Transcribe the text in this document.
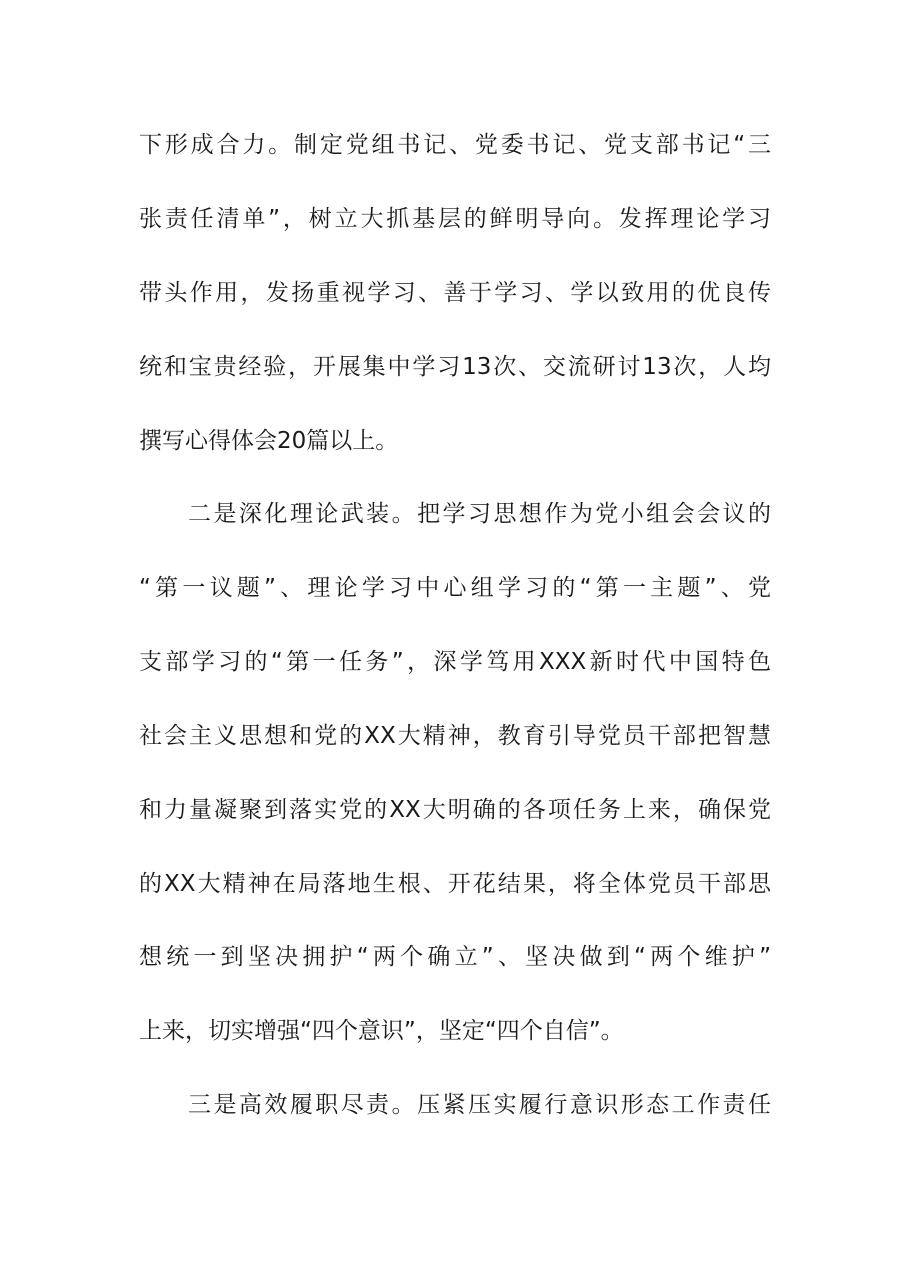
下形成合力。制定党组书记、党委书记、党支部书记“三
张责任清单”，树立大抓基层的鲜明导向。发挥理论学习
带头作用，发扬重视学习、善于学习、学以致用的优良传
统和宝贵经验，开展集中学习13次、交流研讨13次，人均
撰写心得体会20篇以上。
二是深化理论武装。把学习思想作为党小组会会议的
“第一议题”、理论学习中心组学习的“第一主题”、党
支部学习的“第一任务”，深学笃用XXX新时代中国特色
社会主义思想和党的XX大精神，教育引导党员干部把智慧
和力量凝聚到落实党的XX大明确的各项任务上来，确保党
的XX大精神在局落地生根、开花结果，将全体党员干部思
想统一到坚决拥护“两个确立”、坚决做到“两个维护”
上来，切实增强“四个意识”，坚定“四个自信”。
三是高效履职尽责。压紧压实履行意识形态工作责任
